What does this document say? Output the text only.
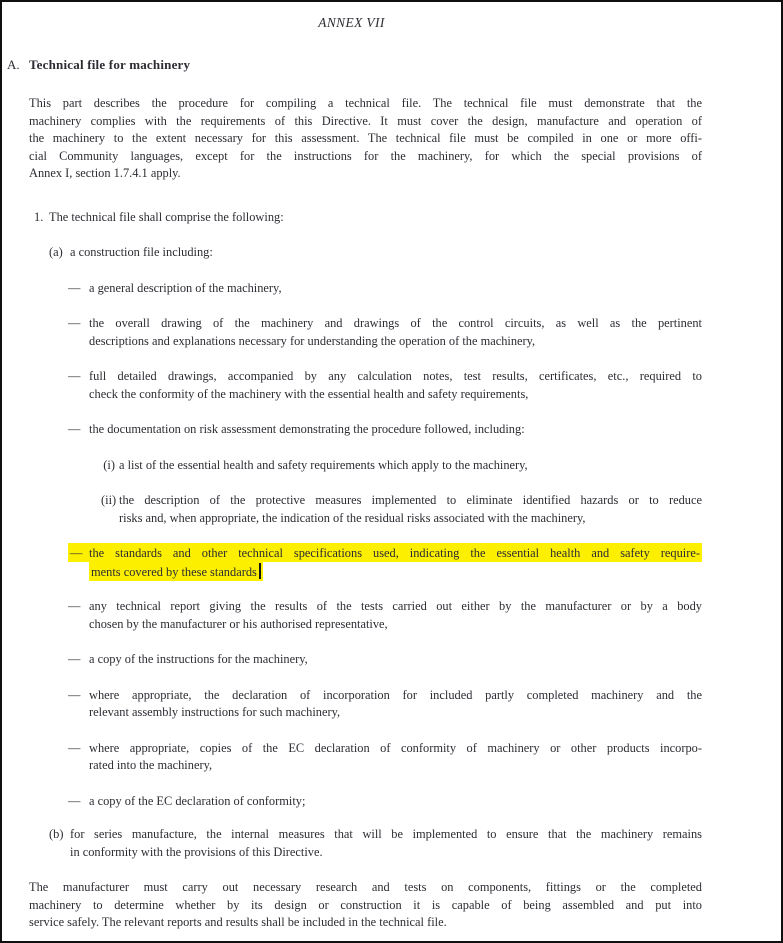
ANNEX VII
A. Technical file for machinery
This part describes the procedure for compiling a technical file. The technical file must demonstrate that the
machinery complies with the requirements of this Directive. It must cover the design, manufacture and operation of
the machinery to the extent necessary for this assessment. The technical file must be compiled in one or more offi-
cial Community languages, except for the instructions for the machinery, for which the special provisions of
Annex I, section 1.7.4.1 apply.
1. The technical file shall comprise the following:
(a) a construction file including:
— a general description of the machinery,
— the overall drawing of the machinery and drawings of the control circuits, as well as the pertinent
descriptions and explanations necessary for understanding the operation of the machinery,
— full detailed drawings, accompanied by any calculation notes, test results, certificates, etc., required to
check the conformity of the machinery with the essential health and safety requirements,
— the documentation on risk assessment demonstrating the procedure followed, including:
(i) a list of the essential health and safety requirements which apply to the machinery,
(ii) the description of the protective measures implemented to eliminate identified hazards or to reduce
risks and, when appropriate, the indication of the residual risks associated with the machinery,
— the standards and other technical specifications used, indicating the essential health and safety require-
ments covered by these standards
— any technical report giving the results of the tests carried out either by the manufacturer or by a body
chosen by the manufacturer or his authorised representative,
— a copy of the instructions for the machinery,
— where appropriate, the declaration of incorporation for included partly completed machinery and the
relevant assembly instructions for such machinery,
— where appropriate, copies of the EC declaration of conformity of machinery or other products incorpo-
rated into the machinery,
— a copy of the EC declaration of conformity;
(b) for series manufacture, the internal measures that will be implemented to ensure that the machinery remains
in conformity with the provisions of this Directive.
The manufacturer must carry out necessary research and tests on components, fittings or the completed
machinery to determine whether by its design or construction it is capable of being assembled and put into
service safely. The relevant reports and results shall be included in the technical file.
